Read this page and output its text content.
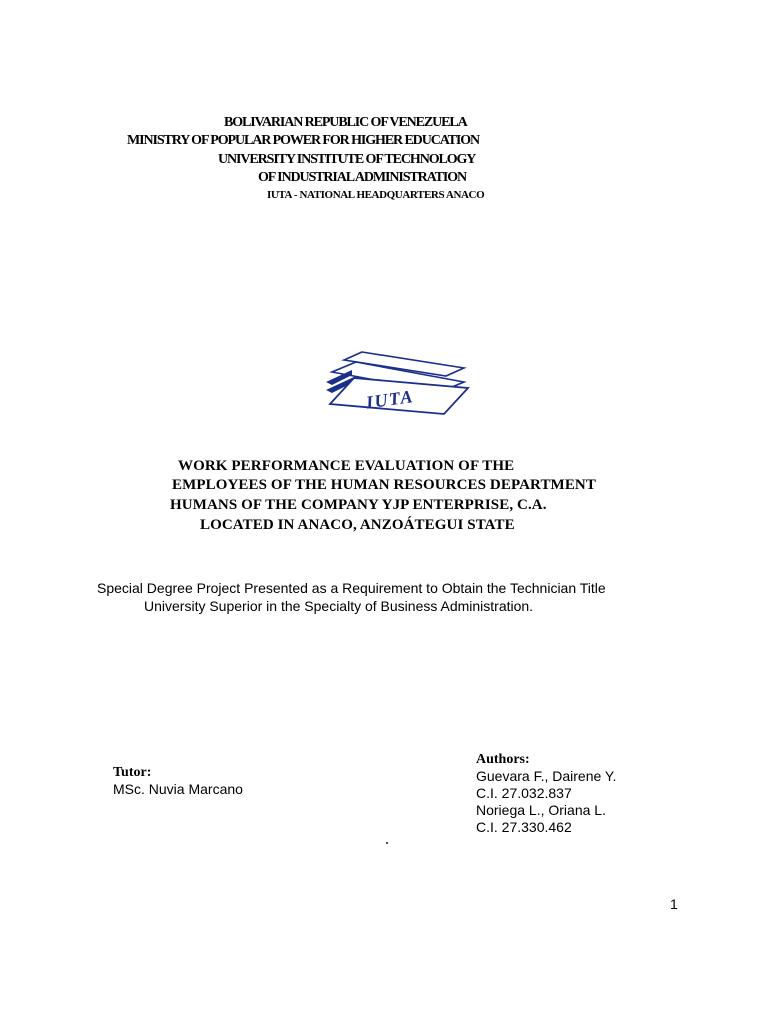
BOLIVARIAN REPUBLIC OF VENEZUELA
MINISTRY OF POPULAR POWER FOR HIGHER EDUCATION
UNIVERSITY INSTITUTE OF TECHNOLOGY
OF INDUSTRIAL ADMINISTRATION
IUTA - NATIONAL HEADQUARTERS ANACO
IUTA
WORK PERFORMANCE EVALUATION OF THE
EMPLOYEES OF THE HUMAN RESOURCES DEPARTMENT
HUMANS OF THE COMPANY YJP ENTERPRISE, C.A.
LOCATED IN ANACO, ANZOÁTEGUI STATE
Special Degree Project Presented as a Requirement to Obtain the Technician Title
University Superior in the Specialty of Business Administration.
Tutor:
MSc. Nuvia Marcano
Authors:
Guevara F., Dairene Y.
C.I. 27.032.837
Noriega L., Oriana L.
C.I. 27.330.462
1
